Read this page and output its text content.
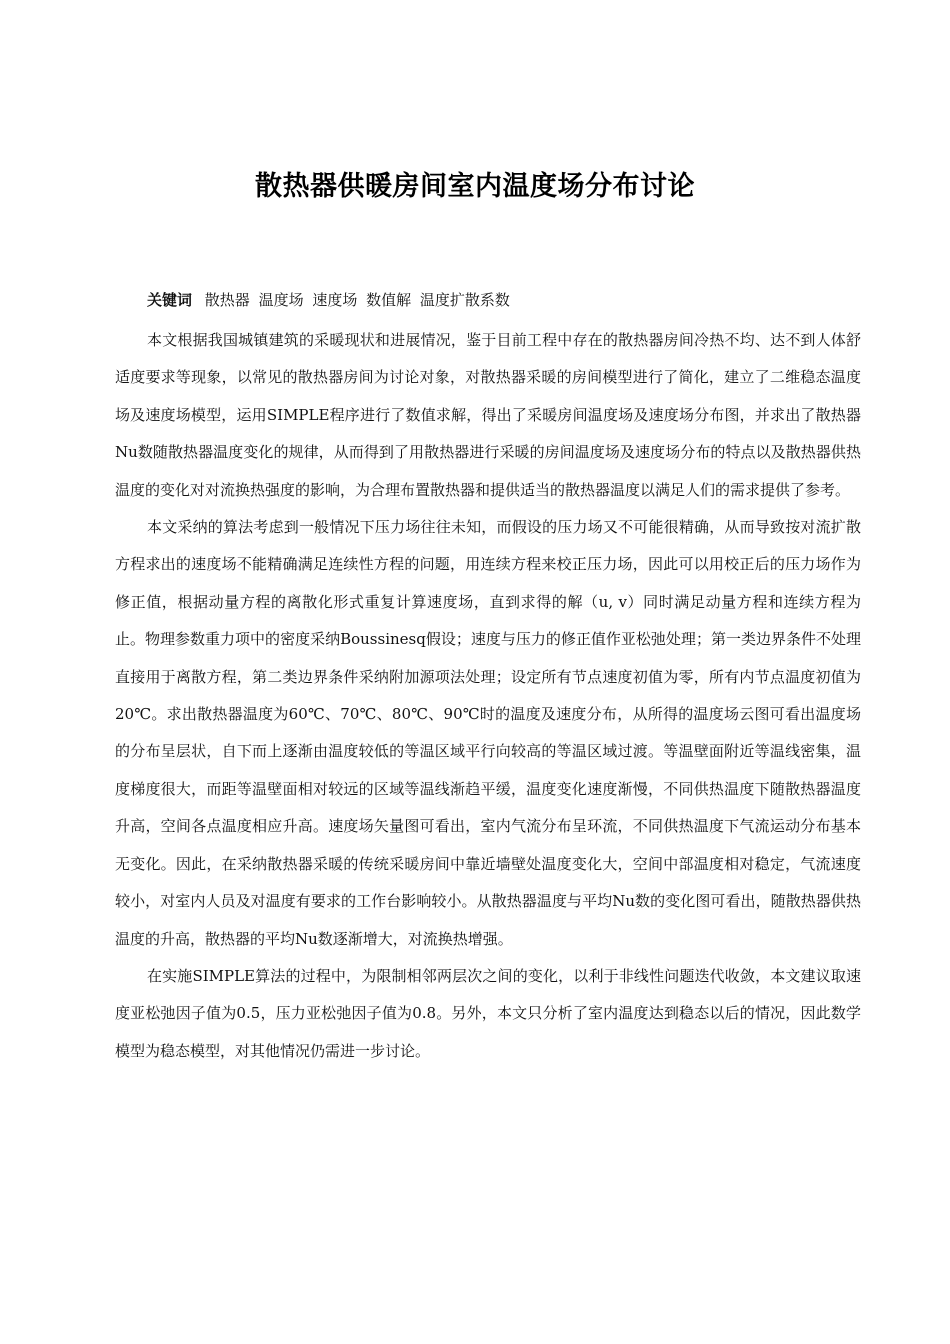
散热器供暖房间室内温度场分布讨论

关键词 散热器 温度场 速度场 数值解 温度扩散系数

本文根据我国城镇建筑的采暖现状和进展情况，鉴于目前工程中存在的散热器房间冷热不均、达不到人体舒适度要求等现象，以常见的散热器房间为讨论对象，对散热器采暖的房间模型进行了简化，建立了二维稳态温度场及速度场模型，运用SIMPLE程序进行了数值求解，得出了采暖房间温度场及速度场分布图，并求出了散热器Nu数随散热器温度变化的规律，从而得到了用散热器进行采暖的房间温度场及速度场分布的特点以及散热器供热温度的变化对对流换热强度的影响，为合理布置散热器和提供适当的散热器温度以满足人们的需求提供了参考。

本文采纳的算法考虑到一般情况下压力场往往未知，而假设的压力场又不可能很精确，从而导致按对流扩散方程求出的速度场不能精确满足连续性方程的问题，用连续方程来校正压力场，因此可以用校正后的压力场作为修正值，根据动量方程的离散化形式重复计算速度场，直到求得的解（u, v）同时满足动量方程和连续方程为止。物理参数重力项中的密度采纳Boussinesq假设；速度与压力的修正值作亚松弛处理；第一类边界条件不处理直接用于离散方程，第二类边界条件采纳附加源项法处理；设定所有节点速度初值为零，所有内节点温度初值为20℃。求出散热器温度为60℃、70℃、80℃、90℃时的温度及速度分布，从所得的温度场云图可看出温度场的分布呈层状，自下而上逐渐由温度较低的等温区域平行向较高的等温区域过渡。等温壁面附近等温线密集，温度梯度很大，而距等温壁面相对较远的区域等温线渐趋平缓，温度变化速度渐慢，不同供热温度下随散热器温度升高，空间各点温度相应升高。速度场矢量图可看出，室内气流分布呈环流，不同供热温度下气流运动分布基本无变化。因此，在采纳散热器采暖的传统采暖房间中靠近墙壁处温度变化大，空间中部温度相对稳定，气流速度较小，对室内人员及对温度有要求的工作台影响较小。从散热器温度与平均Nu数的变化图可看出，随散热器供热温度的升高，散热器的平均Nu数逐渐增大，对流换热增强。

在实施SIMPLE算法的过程中，为限制相邻两层次之间的变化，以利于非线性问题迭代收敛，本文建议取速度亚松弛因子值为0.5，压力亚松弛因子值为0.8。另外，本文只分析了室内温度达到稳态以后的情况，因此数学模型为稳态模型，对其他情况仍需进一步讨论。
